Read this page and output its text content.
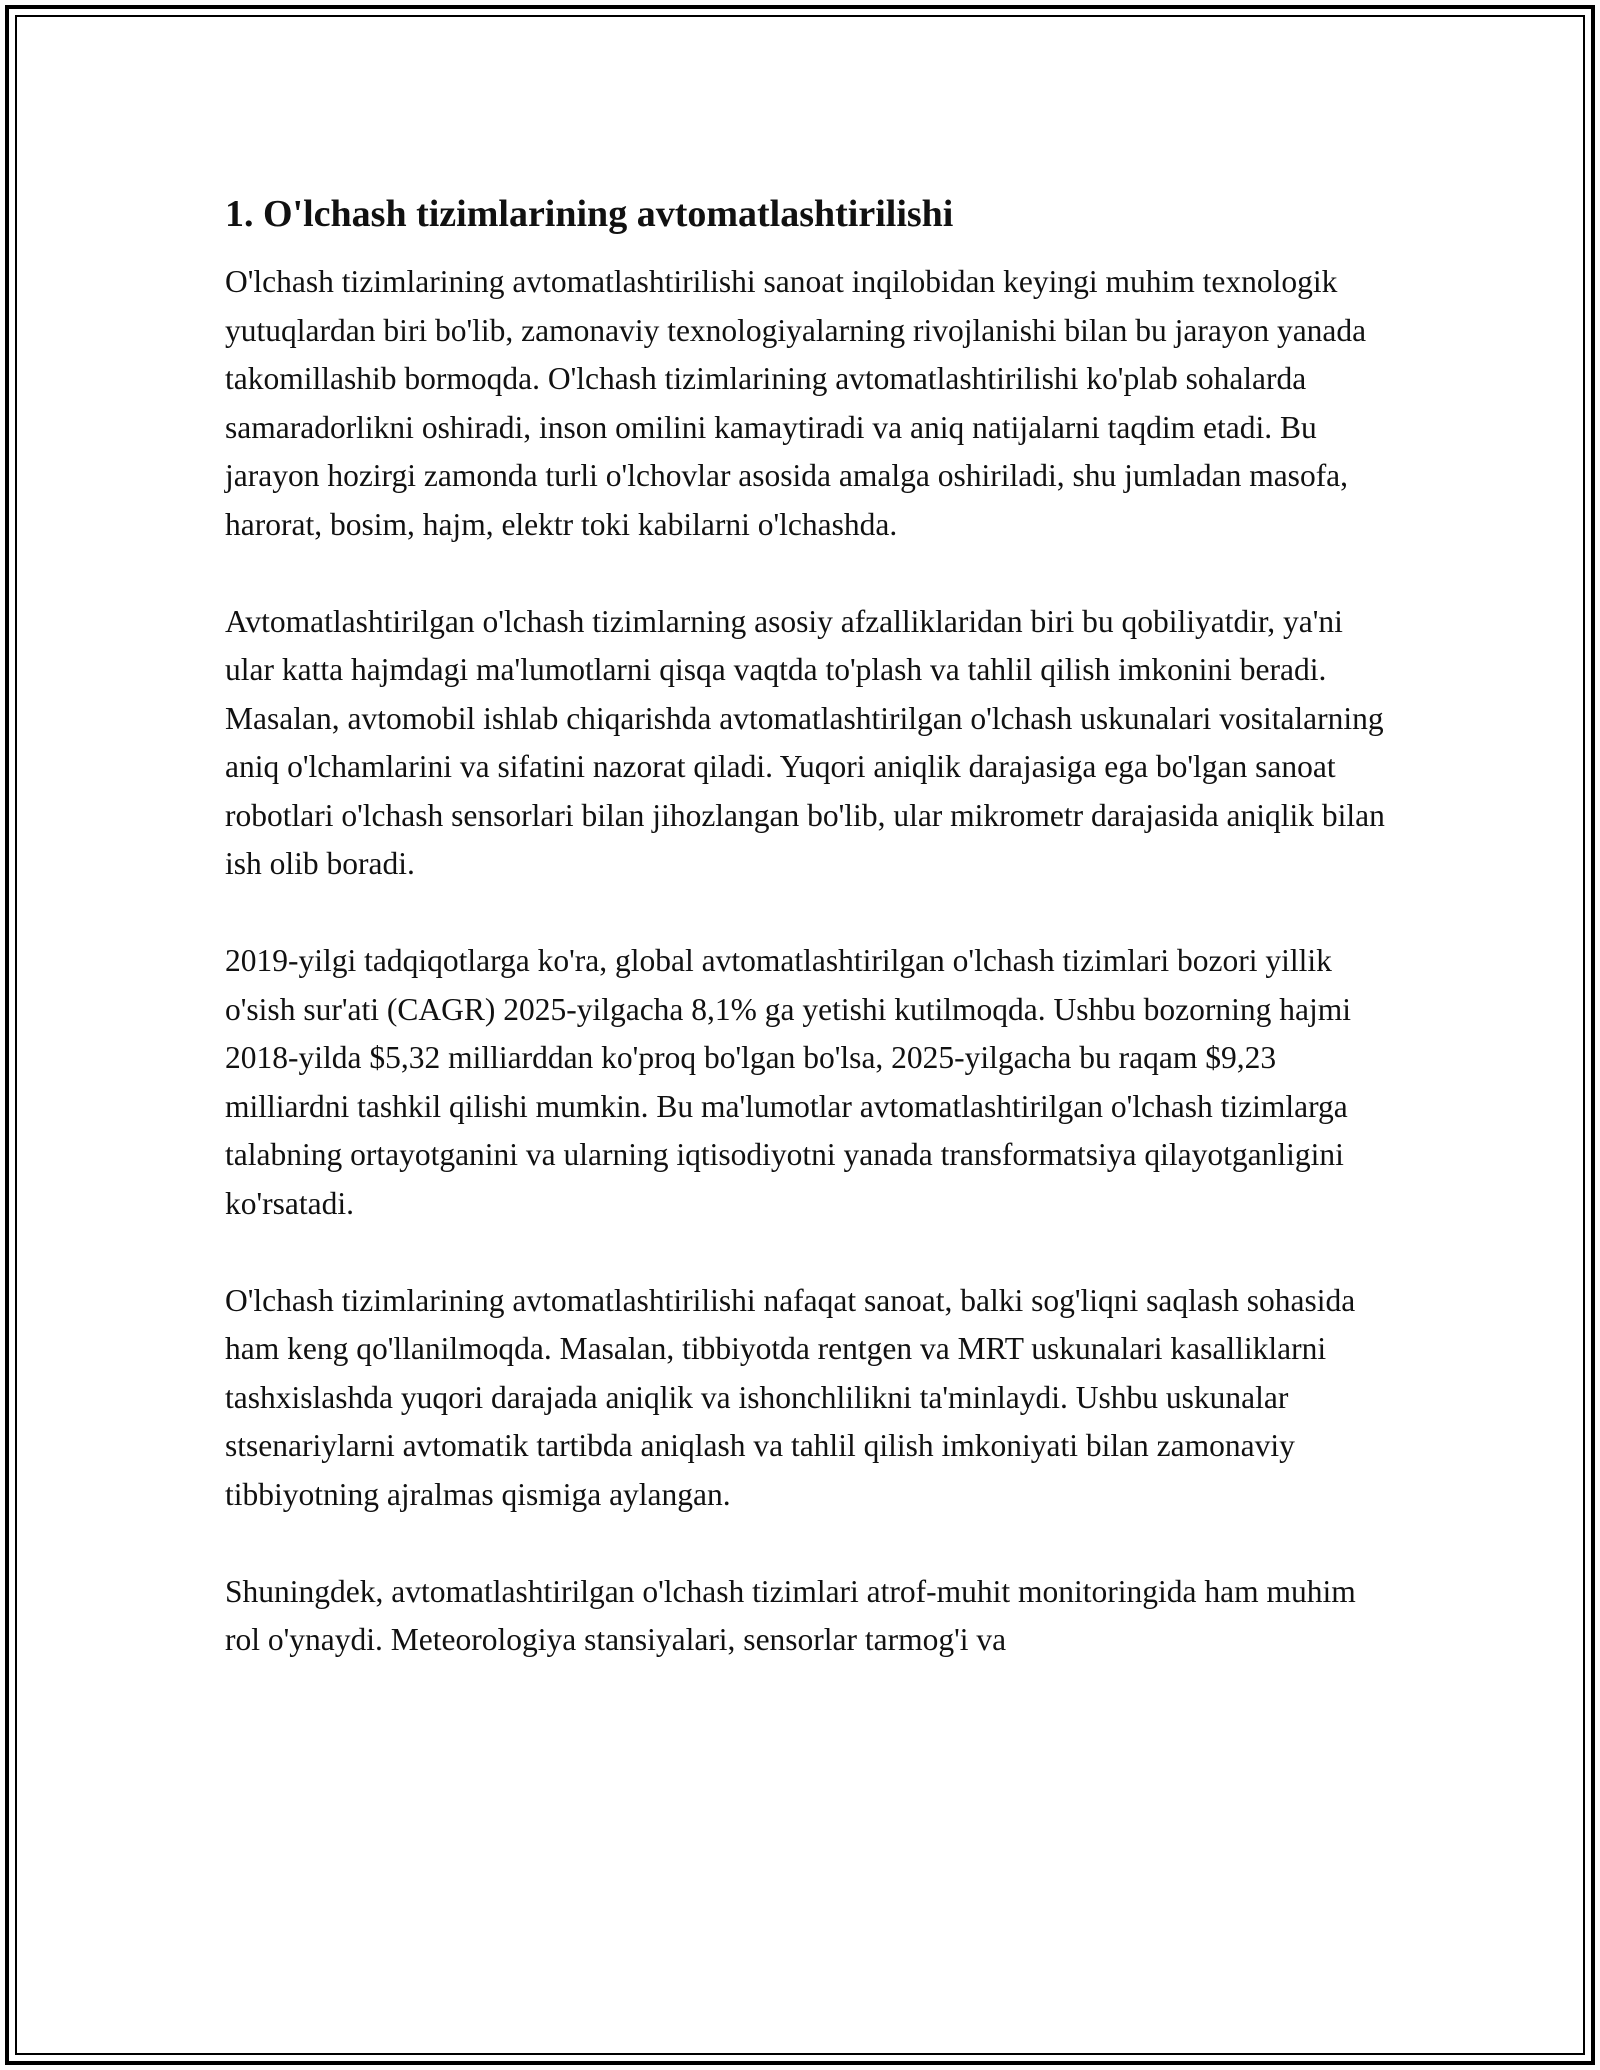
1. O'lchash tizimlarining avtomatlashtirilishi

O'lchash tizimlarining avtomatlashtirilishi sanoat inqilobidan keyingi muhim texnologik yutuqlardan biri bo'lib, zamonaviy texnologiyalarning rivojlanishi bilan bu jarayon yanada takomillashib bormoqda. O'lchash tizimlarining avtomatlashtirilishi ko'plab sohalarda samaradorlikni oshiradi, inson omilini kamaytiradi va aniq natijalarni taqdim etadi. Bu jarayon hozirgi zamonda turli o'lchovlar asosida amalga oshiriladi, shu jumladan masofa, harorat, bosim, hajm, elektr toki kabilarni o'lchashda.

Avtomatlashtirilgan o'lchash tizimlarning asosiy afzalliklaridan biri bu qobiliyatdir, ya'ni ular katta hajmdagi ma'lumotlarni qisqa vaqtda to'plash va tahlil qilish imkonini beradi. Masalan, avtomobil ishlab chiqarishda avtomatlashtirilgan o'lchash uskunalari vositalarning aniq o'lchamlarini va sifatini nazorat qiladi. Yuqori aniqlik darajasiga ega bo'lgan sanoat robotlari o'lchash sensorlari bilan jihozlangan bo'lib, ular mikrometr darajasida aniqlik bilan ish olib boradi.

2019-yilgi tadqiqotlarga ko'ra, global avtomatlashtirilgan o'lchash tizimlari bozori yillik o'sish sur'ati (CAGR) 2025-yilgacha 8,1% ga yetishi kutilmoqda. Ushbu bozorning hajmi 2018-yilda $5,32 milliarddan ko'proq bo'lgan bo'lsa, 2025-yilgacha bu raqam $9,23 milliardni tashkil qilishi mumkin. Bu ma'lumotlar avtomatlashtirilgan o'lchash tizimlarga talabning ortayotganini va ularning iqtisodiyotni yanada transformatsiya qilayotganligini ko'rsatadi.

O'lchash tizimlarining avtomatlashtirilishi nafaqat sanoat, balki sog'liqni saqlash sohasida ham keng qo'llanilmoqda. Masalan, tibbiyotda rentgen va MRT uskunalari kasalliklarni tashxislashda yuqori darajada aniqlik va ishonchlilikni ta'minlaydi. Ushbu uskunalar stsenariylarni avtomatik tartibda aniqlash va tahlil qilish imkoniyati bilan zamonaviy tibbiyotning ajralmas qismiga aylangan.

Shuningdek, avtomatlashtirilgan o'lchash tizimlari atrof-muhit monitoringida ham muhim rol o'ynaydi. Meteorologiya stansiyalari, sensorlar tarmog'i va
